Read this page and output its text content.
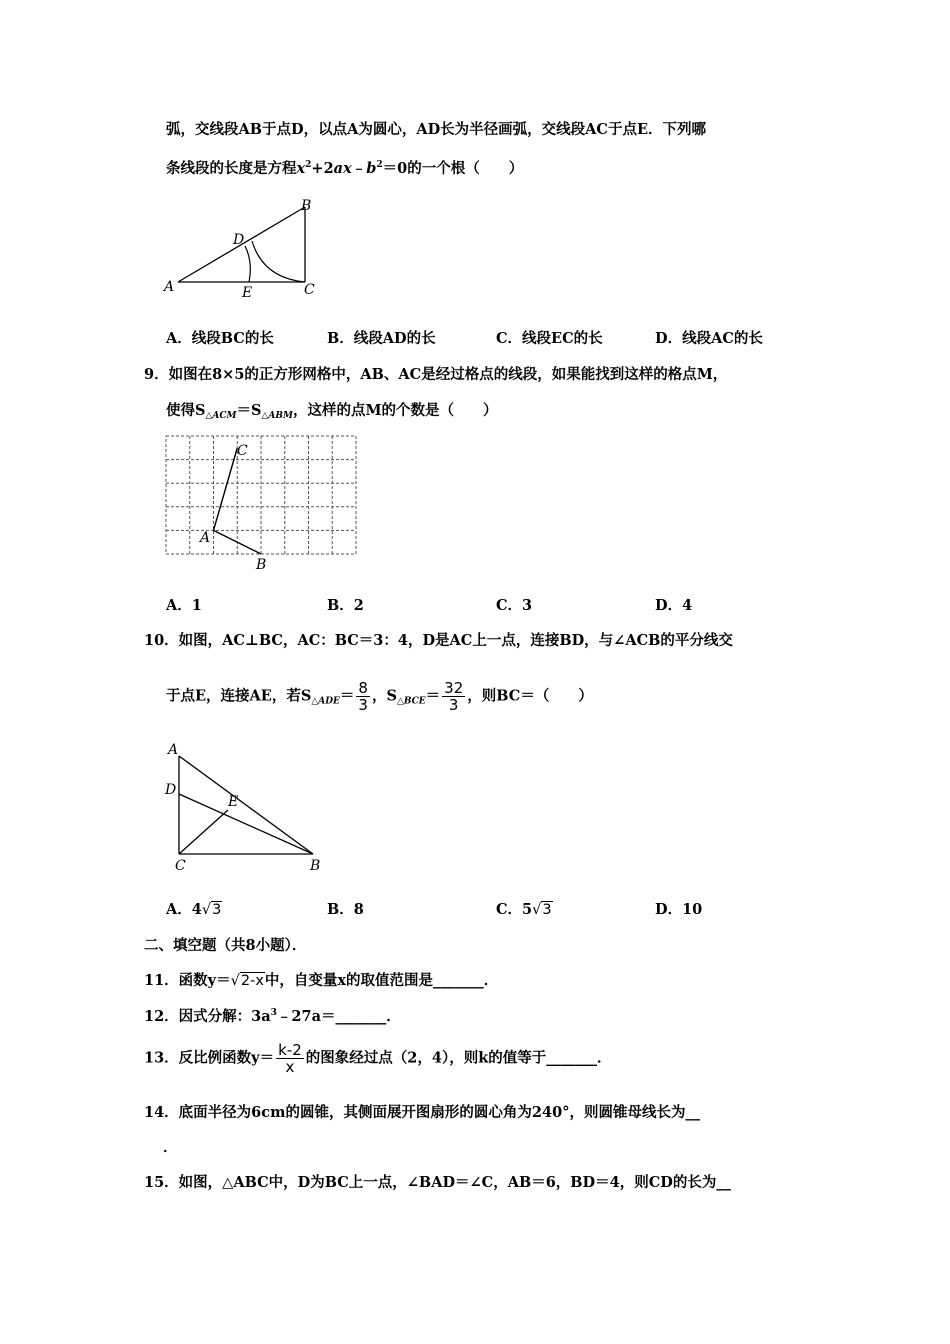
弧，交线段AB于点D，以点A为圆心，AD长为半径画弧，交线段AC于点E．下列哪
条线段的长度是方程$x^2+2ax﹣b^2=0$的一个根（　　）
A
B
C
D
E
A．线段BC的长	B．线段AD的长	C．线段EC的长	D．线段AC的长
9．如图在8×5的正方形网格中，AB、AC是经过格点的线段，如果能找到这样的格点M，
使得$S_{\triangle ACM}=S_{\triangle ABM}$，这样的点M的个数是（　　）
A
B
C
A．1	B．2	C．3	D．4
10．如图，AC⊥BC，AC：BC＝3：4，D是AC上一点，连接BD，与∠ACB的平分线交
于点E，连接AE，若$S_{\triangle ADE}= \frac{8}{3}$ ，$S_{\triangle BCE}= \frac{32}{3}$ ，则BC＝（　　）
A
D
E
C	B
A．4√3	B．8	C．5√3	D．10
二、填空题（共8小题）．
11．函数y＝√2-x中，自变量x的取值范围是_______．
12．因式分解：$3a^3﹣27a=\_\_\_\_\_\_\_$．
13．反比例函数$y= \frac{k-2}{x}$ 的图象经过点（2，4），则k的值等于_______．
14．底面半径为6cm的圆锥，其侧面展开图扇形的圆心角为240°，则圆锥母线长为__
．
15．如图，△ABC中，D为BC上一点，∠BAD＝∠C，AB＝6，BD＝4，则CD的长为__
